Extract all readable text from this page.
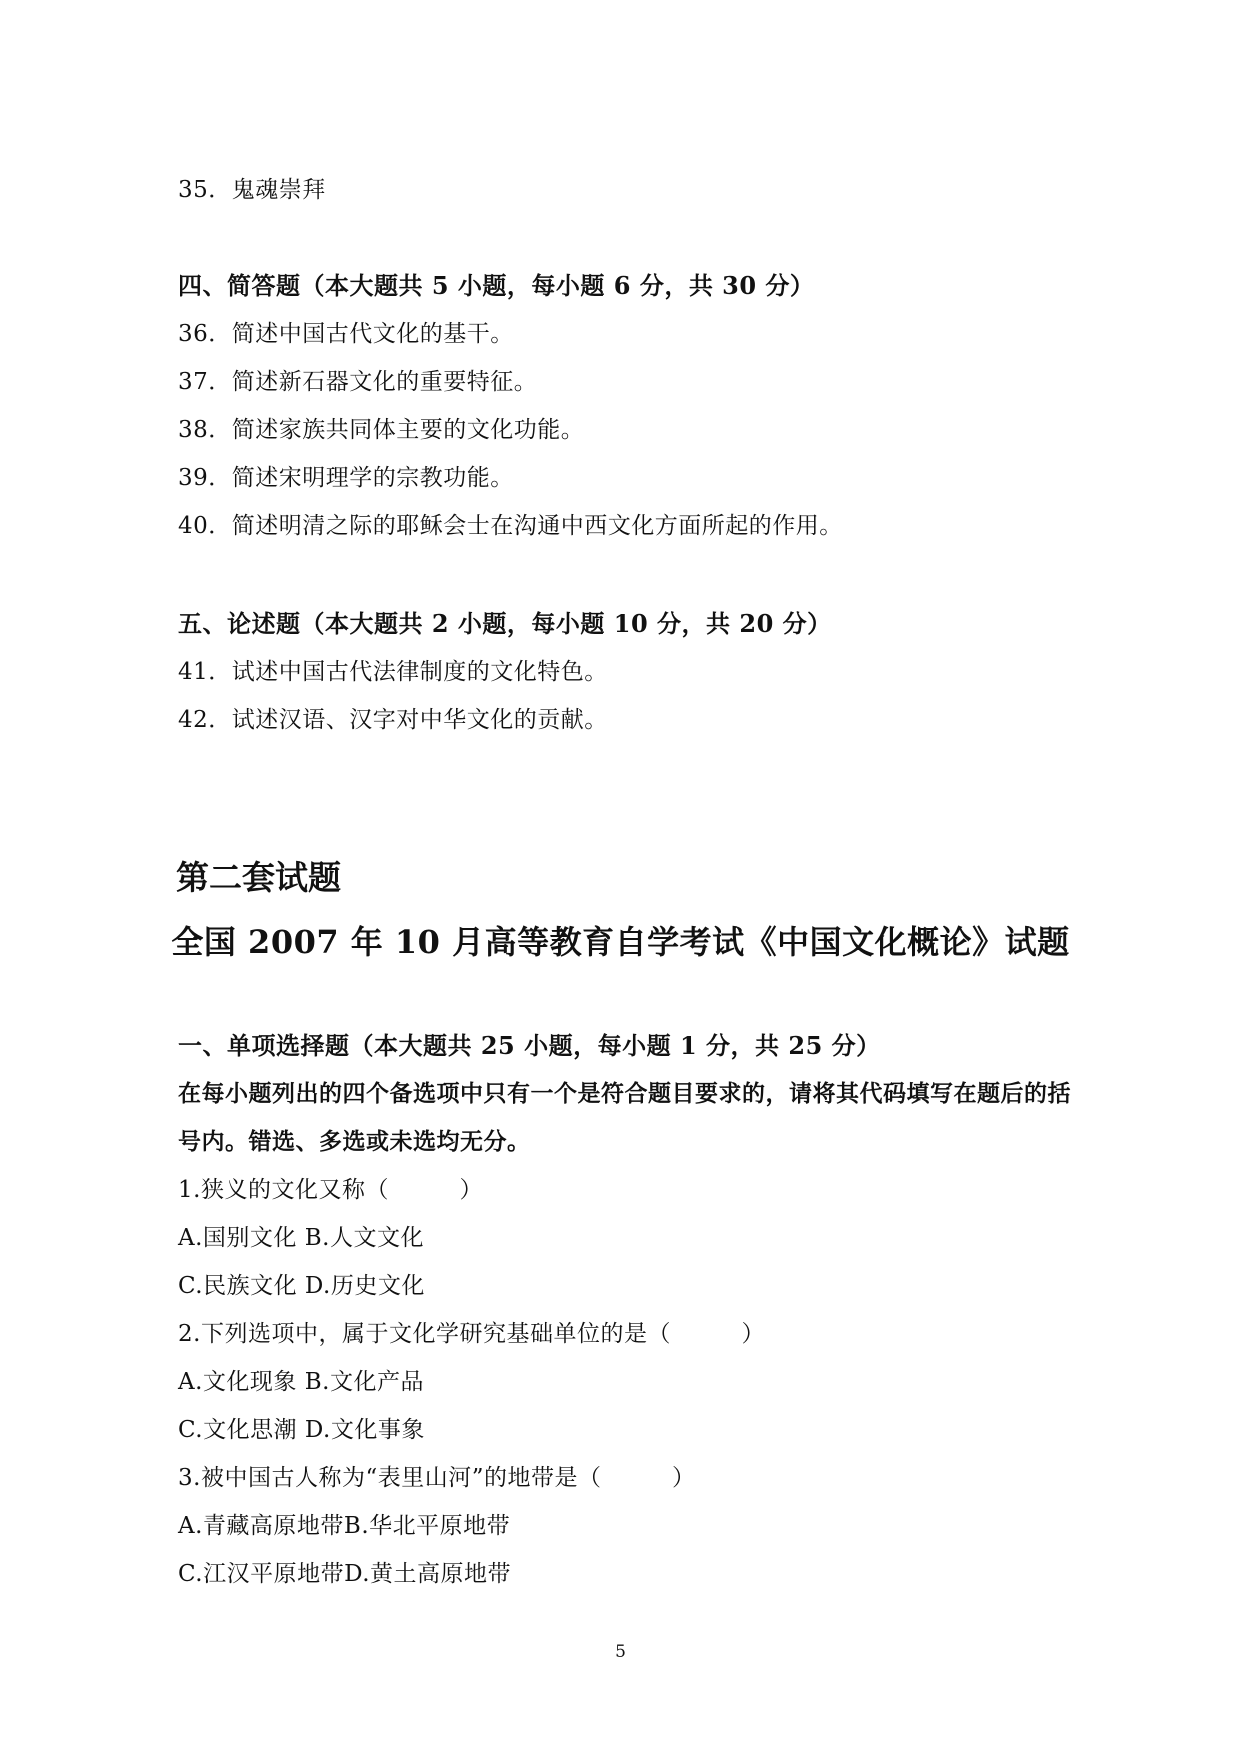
35．鬼魂崇拜
四、简答题（本大题共 5 小题，每小题 6 分，共 30 分）
36．简述中国古代文化的基干。
37．简述新石器文化的重要特征。
38．简述家族共同体主要的文化功能。
39．简述宋明理学的宗教功能。
40．简述明清之际的耶稣会士在沟通中西文化方面所起的作用。
五、论述题（本大题共 2 小题，每小题 10 分，共 20 分）
41．试述中国古代法律制度的文化特色。
42．试述汉语、汉字对中华文化的贡献。
第二套试题
全国 2007 年 10 月高等教育自学考试《中国文化概论》试题
一、单项选择题（本大题共 25 小题，每小题 1 分，共 25 分）
在每小题列出的四个备选项中只有一个是符合题目要求的，请将其代码填写在题后的括
号内。错选、多选或未选均无分。
1.狭义的文化又称（　　　）
A.国别文化 B.人文文化
C.民族文化 D.历史文化
2.下列选项中，属于文化学研究基础单位的是（　　　）
A.文化现象 B.文化产品
C.文化思潮 D.文化事象
3.被中国古人称为“表里山河”的地带是（　　　）
A.青藏高原地带B.华北平原地带
C.江汉平原地带D.黄土高原地带
5
